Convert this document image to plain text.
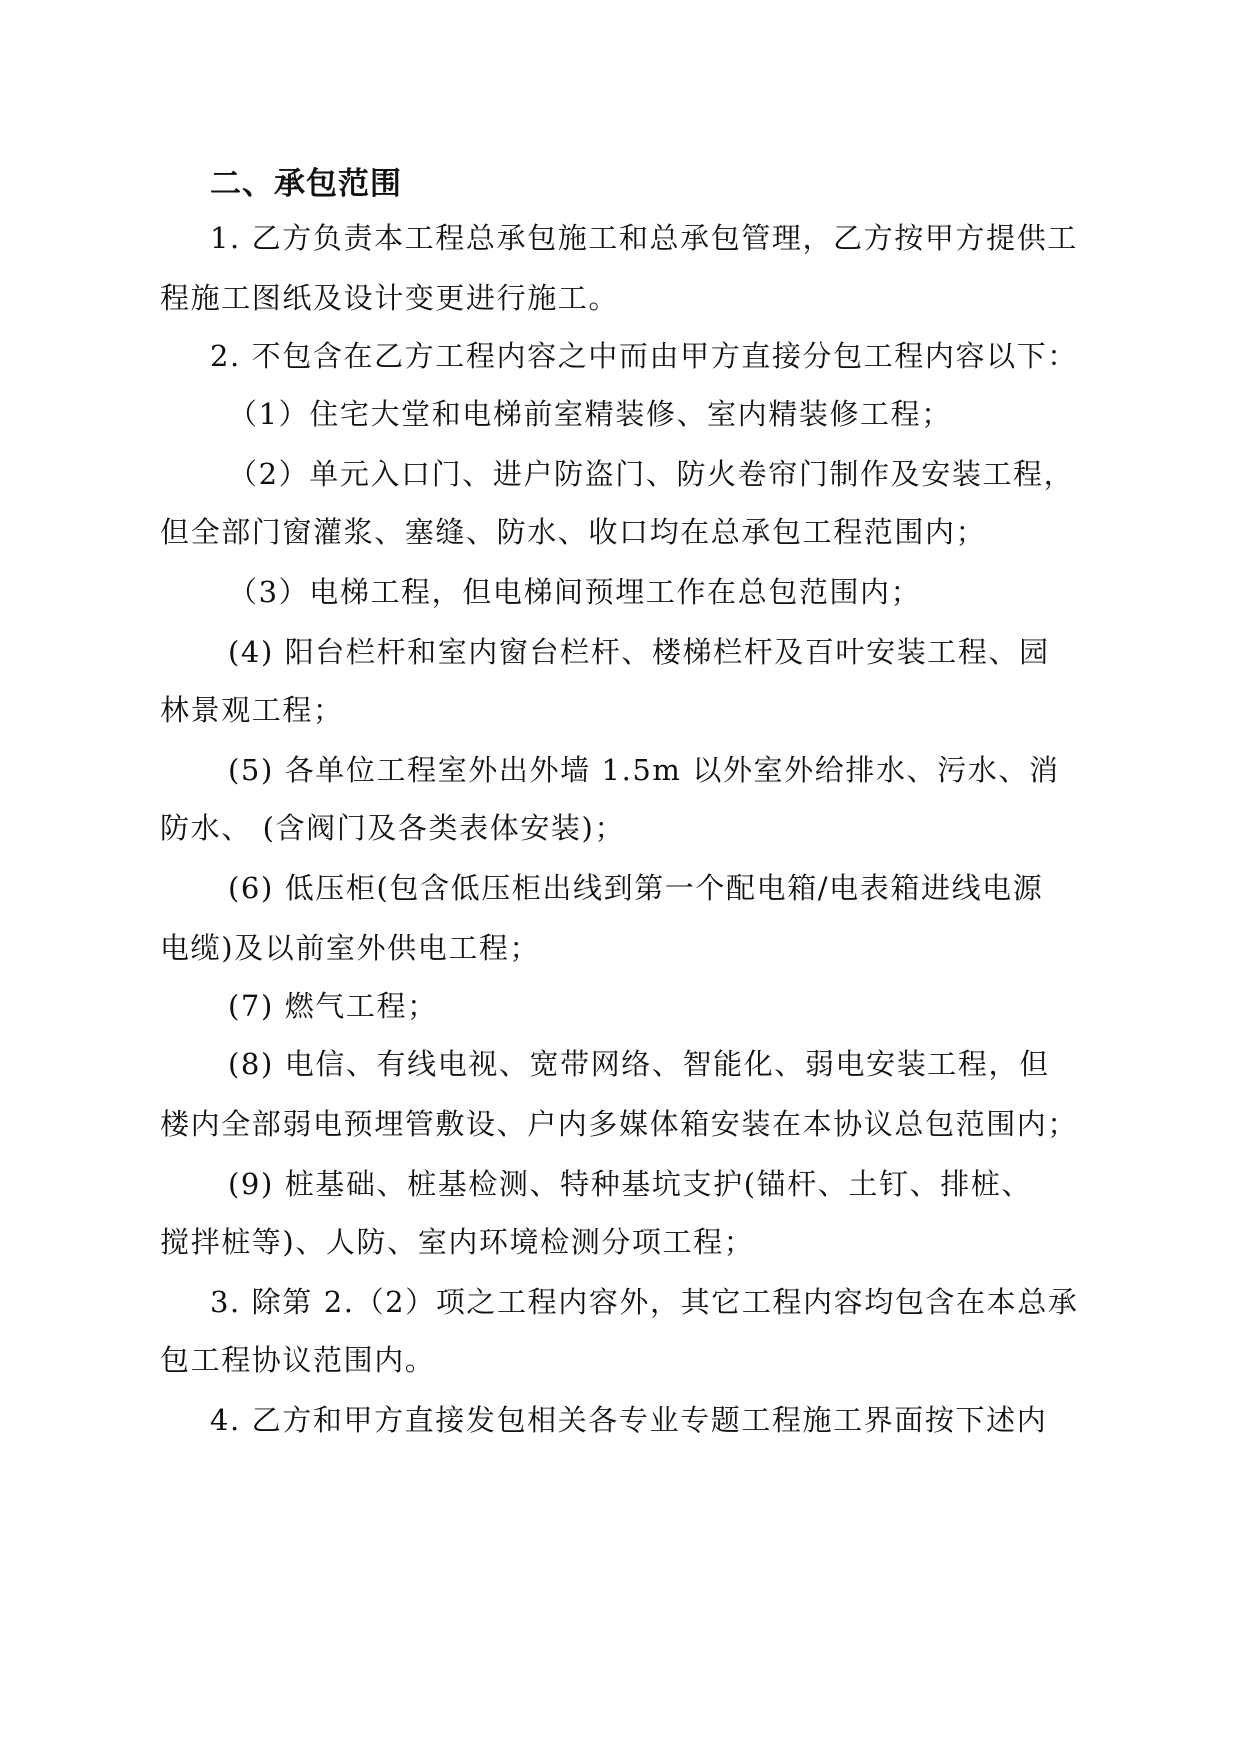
二、承包范围
1. 乙方负责本工程总承包施工和总承包管理，乙方按甲方提供工
程施工图纸及设计变更进行施工。
2. 不包含在乙方工程内容之中而由甲方直接分包工程内容以下：
（1）住宅大堂和电梯前室精装修、室内精装修工程；
（2）单元入口门、进户防盗门、防火卷帘门制作及安装工程，
但全部门窗灌浆、塞缝、防水、收口均在总承包工程范围内；
（3）电梯工程，但电梯间预埋工作在总包范围内；
(4) 阳台栏杆和室内窗台栏杆、楼梯栏杆及百叶安装工程、园
林景观工程；
(5) 各单位工程室外出外墙 1.5m 以外室外给排水、污水、消
防水、 (含阀门及各类表体安装)；
(6) 低压柜(包含低压柜出线到第一个配电箱/电表箱进线电源
电缆)及以前室外供电工程；
(7) 燃气工程；
(8) 电信、有线电视、宽带网络、智能化、弱电安装工程，但
楼内全部弱电预埋管敷设、户内多媒体箱安装在本协议总包范围内；
(9) 桩基础、桩基检测、特种基坑支护(锚杆、土钉、排桩、
搅拌桩等)、人防、室内环境检测分项工程；
3. 除第 2.（2）项之工程内容外，其它工程内容均包含在本总承
包工程协议范围内。
4. 乙方和甲方直接发包相关各专业专题工程施工界面按下述内
